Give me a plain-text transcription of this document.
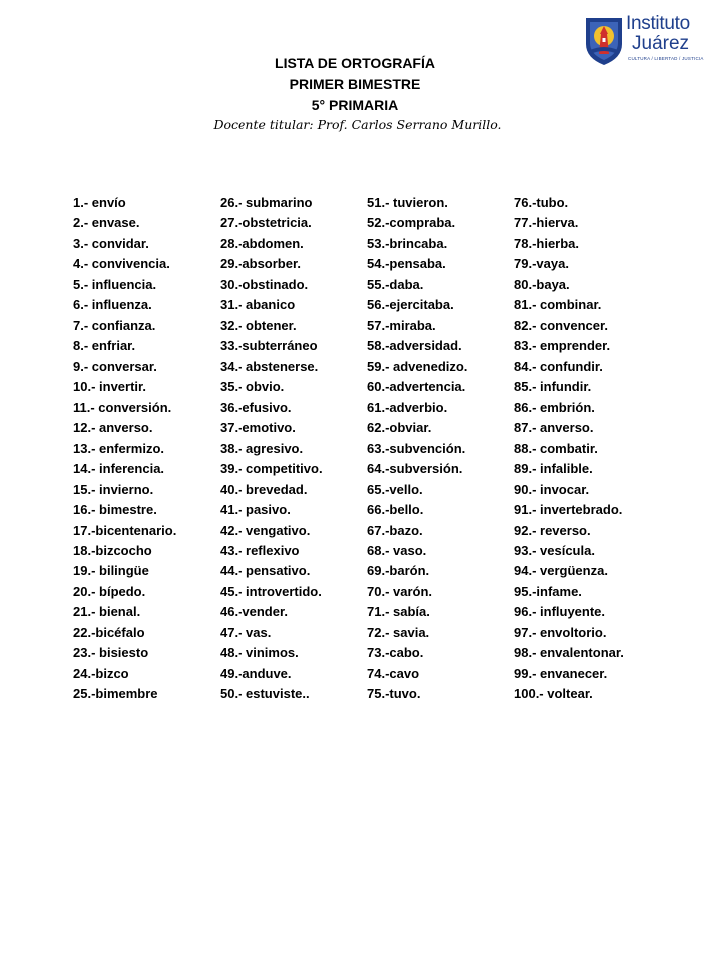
Instituto
Juárez
CULTURA / LIBERTAD / JUSTICIA
LISTA DE ORTOGRAFÍA
PRIMER BIMESTRE
5° PRIMARIA
Docente titular: Prof. Carlos Serrano Murillo.
1.- envío
2.- envase.
3.- convidar.
4.- convivencia.
5.- influencia.
6.- influenza.
7.- confianza.
8.- enfriar.
9.- conversar.
10.- invertir.
11.- conversión.
12.- anverso.
13.- enfermizo.
14.- inferencia.
15.- invierno.
16.- bimestre.
17.-bicentenario.
18.-bizcocho
19.- bilingüe
20.- bípedo.
21.- bienal.
22.-bicéfalo
23.- bisiesto
24.-bizco
25.-bimembre
26.- submarino
27.-obstetricia.
28.-abdomen.
29.-absorber.
30.-obstinado.
31.- abanico
32.- obtener.
33.-subterráneo
34.- abstenerse.
35.- obvio.
36.-efusivo.
37.-emotivo.
38.- agresivo.
39.- competitivo.
40.- brevedad.
41.- pasivo.
42.- vengativo.
43.- reflexivo
44.- pensativo.
45.- introvertido.
46.-vender.
47.- vas.
48.- vinimos.
49.-anduve.
50.- estuviste..
51.- tuvieron.
52.-compraba.
53.-brincaba.
54.-pensaba.
55.-daba.
56.-ejercitaba.
57.-miraba.
58.-adversidad.
59.- advenedizo.
60.-advertencia.
61.-adverbio.
62.-obviar.
63.-subvención.
64.-subversión.
65.-vello.
66.-bello.
67.-bazo.
68.- vaso.
69.-barón.
70.- varón.
71.- sabía.
72.- savia.
73.-cabo.
74.-cavo
75.-tuvo.
76.-tubo.
77.-hierva.
78.-hierba.
79.-vaya.
80.-baya.
81.- combinar.
82.- convencer.
83.- emprender.
84.- confundir.
85.- infundir.
86.- embrión.
87.- anverso.
88.- combatir.
89.- infalible.
90.- invocar.
91.- invertebrado.
92.- reverso.
93.- vesícula.
94.- vergüenza.
95.-infame.
96.- influyente.
97.- envoltorio.
98.- envalentonar.
99.- envanecer.
100.- voltear.
